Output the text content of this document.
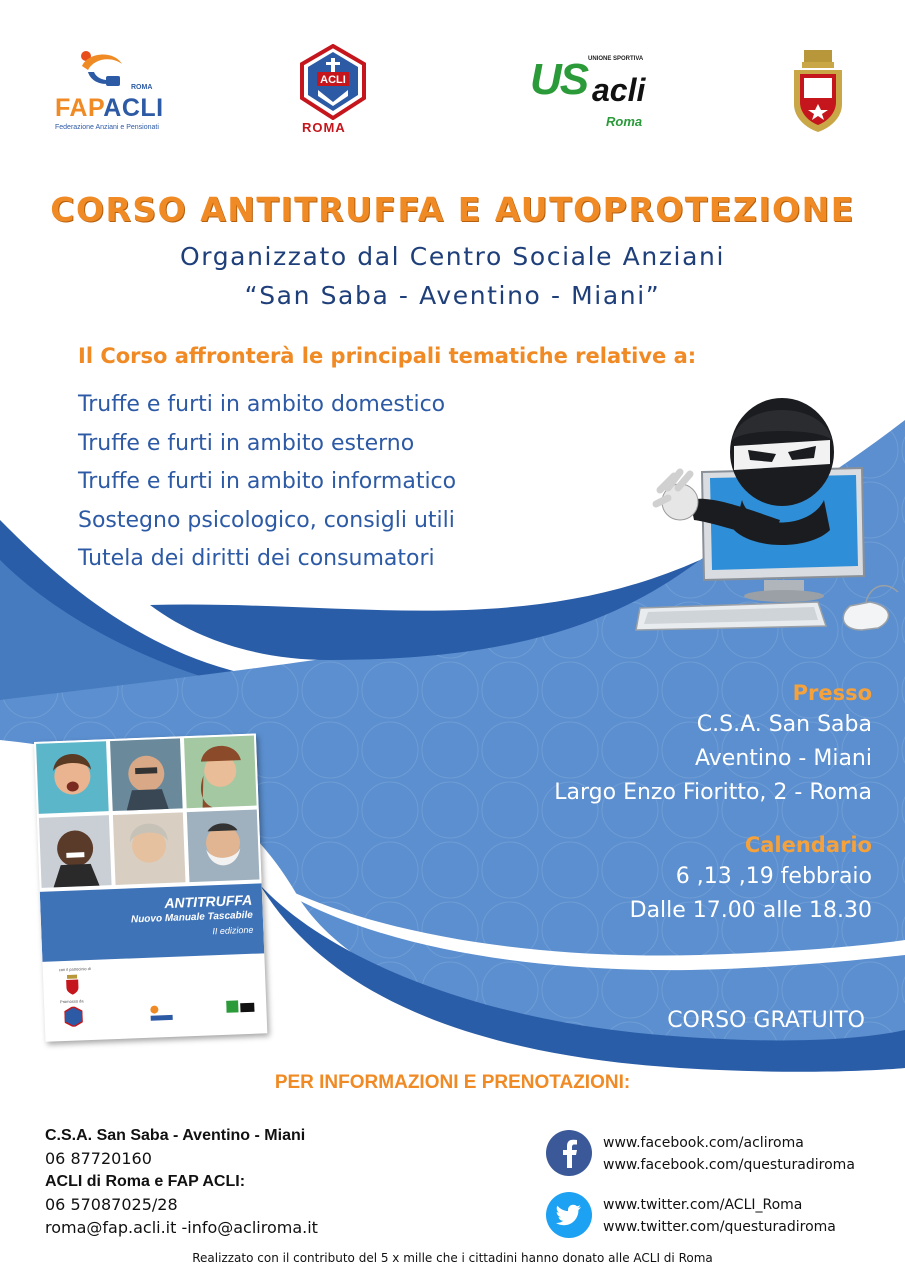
FAPACLI
ROMA
Federazione Anziani e Pensionati
ACLI
ROMA
UNIONE SPORTIVA
US acli
Roma
CORSO ANTITRUFFA E AUTOPROTEZIONE
Organizzato dal Centro Sociale Anziani
“San Saba - Aventino - Miani”
Il Corso affronterà le principali tematiche relative a:
Truffe e furti in ambito domestico
Truffe e furti in ambito esterno
Truffe e furti in ambito informatico
Sostegno psicologico, consigli utili
Tutela dei diritti dei consumatori
Presso
C.S.A. San Saba
Aventino - Miani
Largo Enzo Fioritto, 2 - Roma
Calendario
6 ,13 ,19 febbraio
Dalle 17.00 alle 18.30
CORSO GRATUITO
ANTITRUFFA
Nuovo Manuale Tascabile
II edizione
con il patrocinio di
Promosso da
PER INFORMAZIONI E PRENOTAZIONI:
C.S.A. San Saba - Aventino - Miani
06 87720160
ACLI di Roma e FAP ACLI:
06 57087025/28
roma@fap.acli.it -info@acliroma.it
www.facebook.com/acliroma
www.facebook.com/questuradiroma
www.twitter.com/ACLI_Roma
www.twitter.com/questuradiroma
Realizzato con il contributo del 5 x mille che i cittadini hanno donato alle ACLI di Roma
